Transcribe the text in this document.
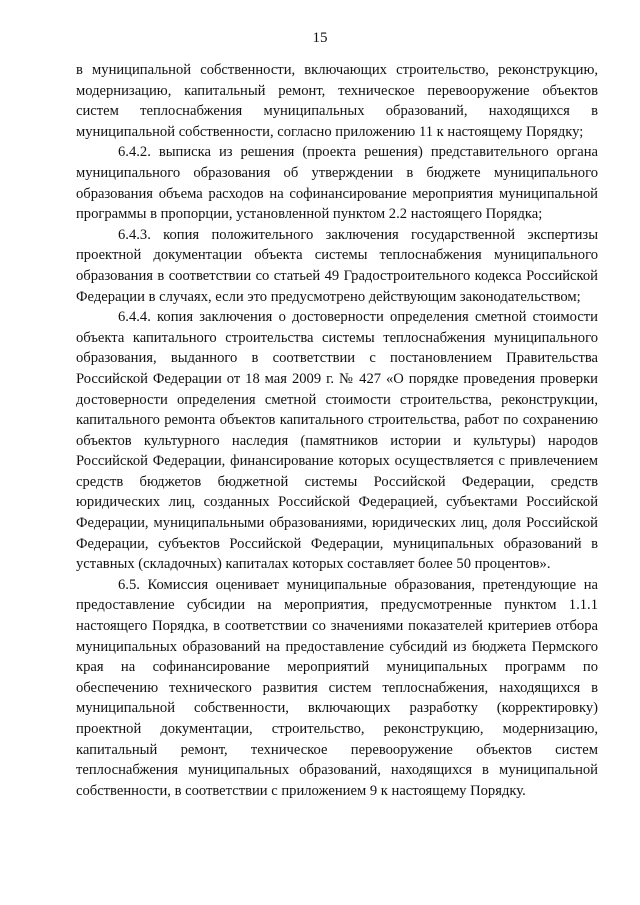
15

в муниципальной собственности, включающих строительство, реконструкцию, модернизацию, капитальный ремонт, техническое перевооружение объектов систем теплоснабжения муниципальных образований, находящихся в муниципальной собственности, согласно приложению 11 к настоящему Порядку;

6.4.2. выписка из решения (проекта решения) представительного органа муниципального образования об утверждении в бюджете муниципального образования объема расходов на софинансирование мероприятия муниципальной программы в пропорции, установленной пунктом 2.2 настоящего Порядка;

6.4.3. копия положительного заключения государственной экспертизы проектной документации объекта системы теплоснабжения муниципального образования в соответствии со статьей 49 Градостроительного кодекса Российской Федерации в случаях, если это предусмотрено действующим законодательством;

6.4.4. копия заключения о достоверности определения сметной стоимости объекта капитального строительства системы теплоснабжения муниципального образования, выданного в соответствии с постановлением Правительства Российской Федерации от 18 мая 2009 г. № 427 «О порядке проведения проверки достоверности определения сметной стоимости строительства, реконструкции, капитального ремонта объектов капитального строительства, работ по сохранению объектов культурного наследия (памятников истории и культуры) народов Российской Федерации, финансирование которых осуществляется с привлечением средств бюджетов бюджетной системы Российской Федерации, средств юридических лиц, созданных Российской Федерацией, субъектами Российской Федерации, муниципальными образованиями, юридических лиц, доля Российской Федерации, субъектов Российской Федерации, муниципальных образований в уставных (складочных) капиталах которых составляет более 50 процентов».

6.5. Комиссия оценивает муниципальные образования, претендующие на предоставление субсидии на мероприятия, предусмотренные пунктом 1.1.1 настоящего Порядка, в соответствии со значениями показателей критериев отбора муниципальных образований на предоставление субсидий из бюджета Пермского края на софинансирование мероприятий муниципальных программ по обеспечению технического развития систем теплоснабжения, находящихся в муниципальной собственности, включающих разработку (корректировку) проектной документации, строительство, реконструкцию, модернизацию, капитальный ремонт, техническое перевооружение объектов систем теплоснабжения муниципальных образований, находящихся в муниципальной собственности, в соответствии с приложением 9 к настоящему Порядку.
